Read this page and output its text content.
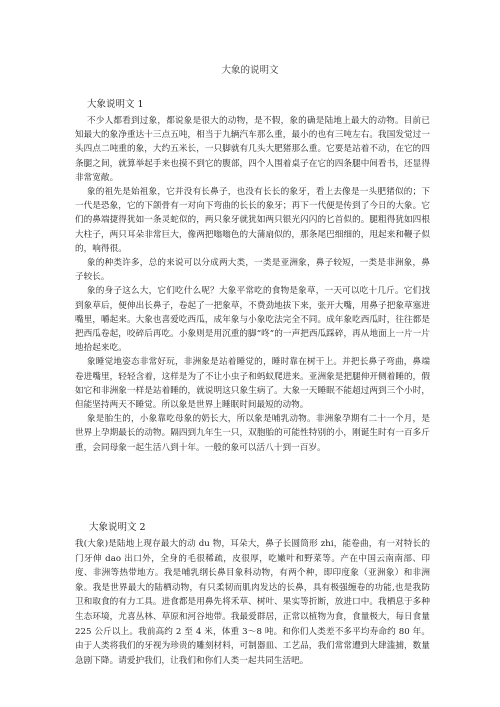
大象的说明文
大象说明文 1

不少人都看到过象，都说象是很大的动物，是不假，象的确是陆地上最大的动物。目前已知最大的象净重达十三点五吨，相当于九辆汽车那么重，最小的也有三吨左右。我国发觉过一头四点二吨重的象，大约五米长，一只脚就有几头大肥猪那么重。它要是站着不动，在它的四条腿之间，就算举起手来也摸不到它的腹部，四个人围着桌子在它的四条腿中间看书，还显得非常宽敞。

象的祖先是始祖象，它并没有长鼻子，也没有长长的象牙，看上去像是一头肥猪似的；下一代是恐象，它的下颌骨有一对向下弯曲的长长的象牙；再下一代便是传到了今日的大象。它们的鼻端捷得犹如一条灵蛇似的，两只象牙就犹如两只银光闪闪的匕首似的。腿粗得犹如四根大柱子，两只耳朵非常巨大，像两把嗡嗡色的大蒲扇似的，那条尾巴细细的，甩起来和鞭子似的，响得很。

象的种类许多，总的来说可以分成两大类，一类是亚洲象，鼻子较短，一类是非洲象，鼻子较长。

象的身子这么大，它们吃什么呢？大象平常吃的食物是象草，一天可以吃十几斤。它们找到象草后，便伸出长鼻子，卷起了一把象草，不费劲地拔下来，张开大嘴，用鼻子把象草塞进嘴里，嚼起来。大象也喜爱吃西瓜，成年象与小象吃法完全不同。成年象吃西瓜时，往往都是把西瓜卷起，咬碎后再吃。小象则是用沉重的脚“咚”的一声把西瓜踩碎，再从地面上一片一片地拾起来吃。

象睡觉地姿态非常好玩，非洲象是站着睡觉的，睡时靠在树干上。并把长鼻子弯曲，鼻端卷进嘴里，轻轻含着，这样是为了不让小虫子和蚂蚁爬进来。亚洲象是把腿伸开侧着睡的，假如它和非洲象一样是站着睡的，就说明这只象生病了。大象一天睡眠不能超过两到三个小时，但能坚持两天不睡觉。所以象是世界上睡眠时间最短的动物。

象是胎生的，小象靠吃母象的奶长大，所以象是哺乳动物。非洲象孕期有二十一个月，是世界上孕期最长的动物。隔四到九年生一只，双胞胎的可能性特别的小，刚诞生时有一百多斤重，会同母象一起生活八到十年。一般的象可以活八十到一百岁。

大象说明文 2

我(大象)是陆地上现存最大的动 du 物，耳朵大，鼻子长圆筒形 zhi，能卷曲，有一对特长的门牙伸 dao 出口外，全身的毛很稀疏，皮很厚，吃嫩叶和野菜等。产在中国云南南部、印度、非洲等热带地方。我是哺乳纲长鼻目象科动物，有两个种，即印度象（亚洲象）和非洲象。我是世界最大的陆栖动物，有只柔韧而肌肉发达的长鼻，具有极强缠卷的功能,也是我防卫和取食的有力工具。进食都是用鼻先将禾草、树叶、果实等折断，放进口中。我栖息于多种生态环境，尤喜丛林、草原和河谷地带。我最爱群居，正常以植物为食，食量极大，每日食量 225 公斤以上。我前高约 2 至 4 米，体重 3～8 吨。和你们人类差不多平均寿命约 80 年。由于人类将我们的牙视为珍贵的雕刻材料，可制器皿、工艺品，我们常常遭到大肆滥捕，数量急剧下降。请爱护我们，让我们和你们人类一起共同生活吧。
